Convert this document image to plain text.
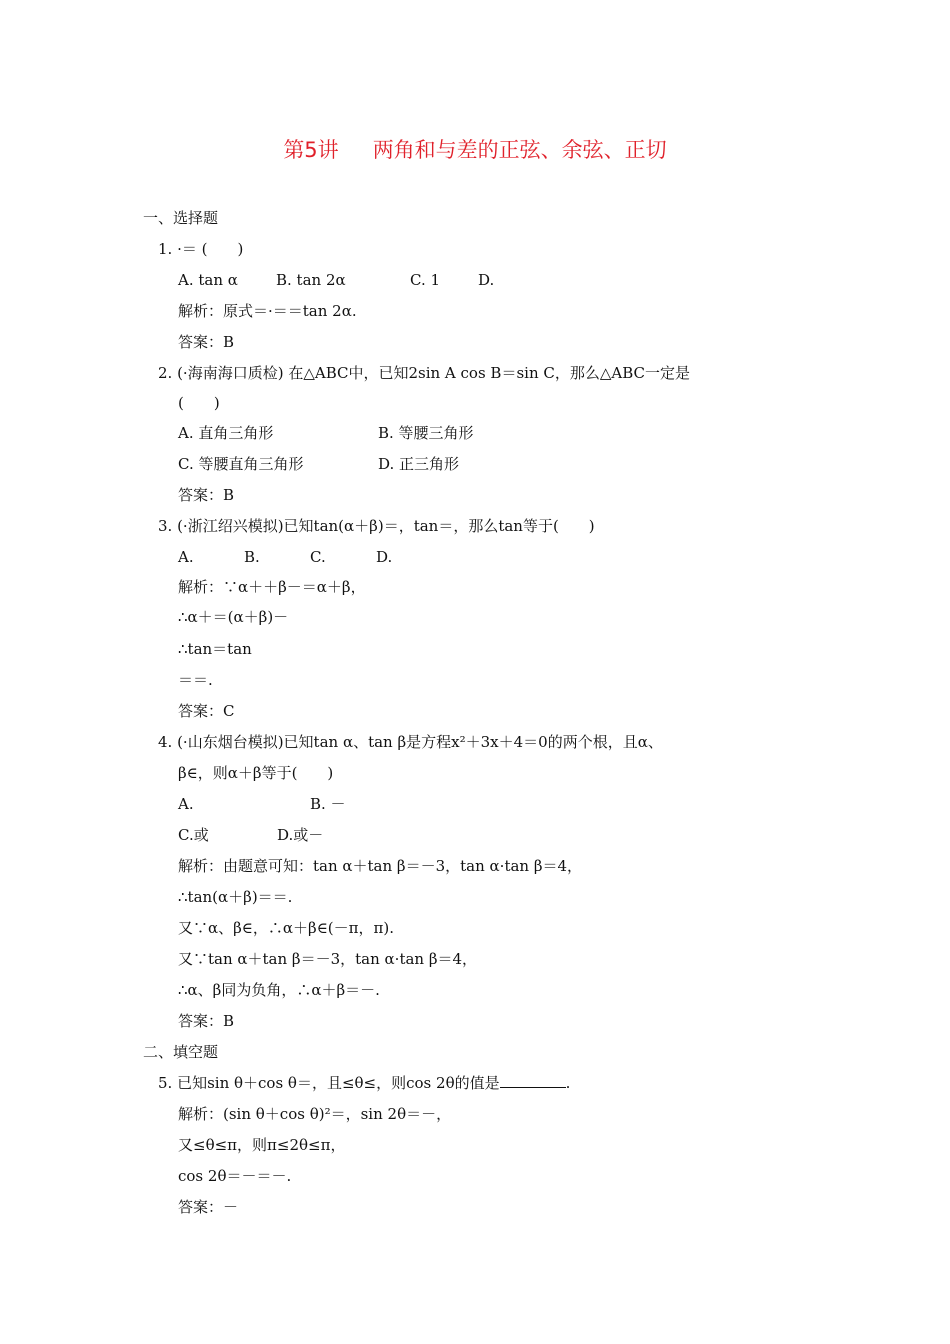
第5讲 两角和与差的正弦、余弦、正切
一、选择题
1. ·＝ (　　)
A. tan α	B. tan 2α	C. 1	D.
解析：原式＝·＝＝tan 2α.
答案：B
2. (·海南海口质检) 在△ABC中，已知2sin A cos B＝sin C，那么△ABC一定是
(　　)
A. 直角三角形	B. 等腰三角形
C. 等腰直角三角形	D. 正三角形
答案：B
3. (·浙江绍兴模拟)已知tan(α＋β)＝，tan＝，那么tan等于(　　)
A.	B.	C.	D.
解析：∵α＋＋β－＝α＋β，
∴α＋＝(α＋β)－
∴tan＝tan
＝＝.
答案：C
4. (·山东烟台模拟)已知tan α、tan β是方程x²＋3x＋4＝0的两个根，且α、
β∈，则α＋β等于(　　)
A.	B. －
C.或	D.或－
解析：由题意可知：tan α＋tan β＝－3，tan α·tan β＝4，
∴tan(α＋β)＝＝.
又∵α、β∈，∴α＋β∈(－π，π).
又∵tan α＋tan β＝－3，tan α·tan β＝4，
∴α、β同为负角，∴α＋β＝－.
答案：B
二、填空题
5. 已知sin θ＋cos θ＝，且≤θ≤，则cos 2θ的值是	.
解析：(sin θ＋cos θ)²＝，sin 2θ＝－，
又≤θ≤π，则π≤2θ≤π，
cos 2θ＝－＝－.
答案：－
